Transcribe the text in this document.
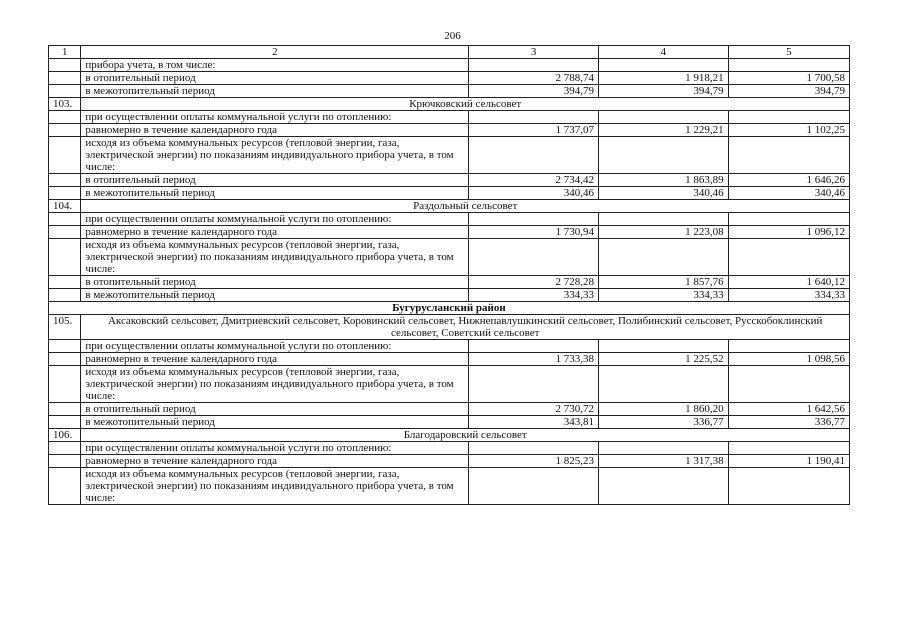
206
1	2	3	4	5
	прибора учета, в том числе:			
	в отопительный период	2 788,74	1 918,21	1 700,58
	в межотопительный период	394,79	394,79	394,79
103.	Крючковский сельсовет			
	при осуществлении оплаты коммунальной услуги по отоплению:			
	равномерно в течение календарного года	1 737,07	1 229,21	1 102,25
	исходя из объема коммунальных ресурсов (тепловой энергии, газа, электрической энергии) по показаниям индивидуального прибора учета, в том числе:			
	в отопительный период	2 734,42	1 863,89	1 646,26
	в межотопительный период	340,46	340,46	340,46
104.	Раздольный сельсовет			
	при осуществлении оплаты коммунальной услуги по отоплению:			
	равномерно в течение календарного года	1 730,94	1 223,08	1 096,12
	исходя из объема коммунальных ресурсов (тепловой энергии, газа, электрической энергии) по показаниям индивидуального прибора учета, в том числе:			
	в отопительный период	2 728,28	1 857,76	1 640,12
	в межотопительный период	334,33	334,33	334,33
Бугурусланский район				
105.	Аксаковский сельсовет, Дмитриевский сельсовет, Коровинский сельсовет, Нижнепавлушкинский сельсовет, Полибинский сельсовет, Русскобоклинский сельсовет, Советский сельсовет			
	при осуществлении оплаты коммунальной услуги по отоплению:			
	равномерно в течение календарного года	1 733,38	1 225,52	1 098,56
	исходя из объема коммунальных ресурсов (тепловой энергии, газа, электрической энергии) по показаниям индивидуального прибора учета, в том числе:			
	в отопительный период	2 730,72	1 860,20	1 642,56
	в межотопительный период	343,81	336,77	336,77
106.	Благодаровский сельсовет			
	при осуществлении оплаты коммунальной услуги по отоплению:			
	равномерно в течение календарного года	1 825,23	1 317,38	1 190,41
	исходя из объема коммунальных ресурсов (тепловой энергии, газа, электрической энергии) по показаниям индивидуального прибора учета, в том числе:			
